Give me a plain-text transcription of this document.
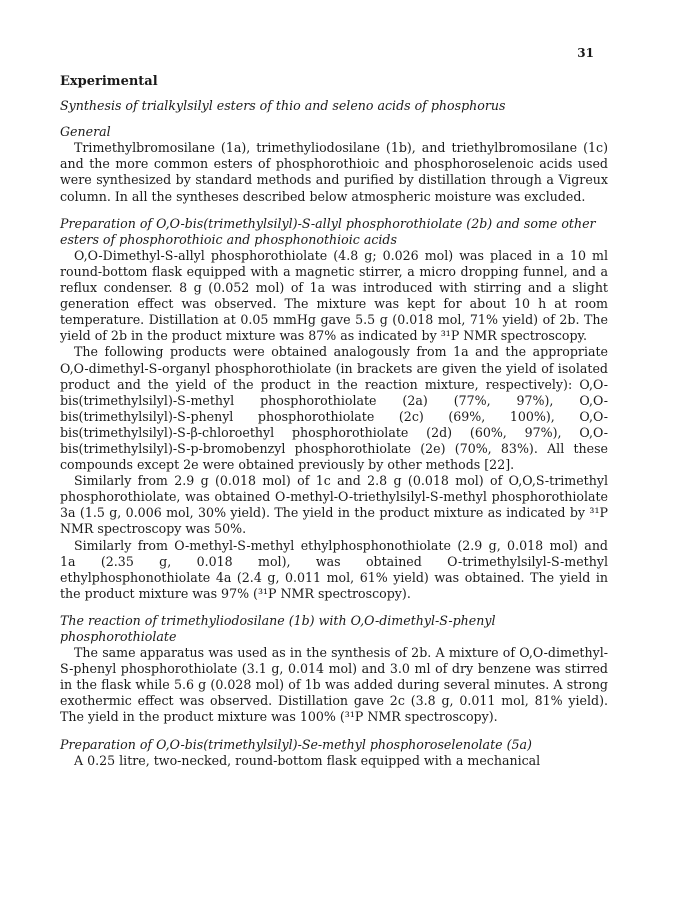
31
Experimental
Synthesis of trialkylsilyl esters of thio and seleno acids of phosphorus
General

Trimethylbromosilane (1a), trimethyliodosilane (1b), and triethylbromosilane (1c) and the more common esters of phosphorothioic and phosphoroselenoic acids used were synthesized by standard methods and purified by distillation through a Vigreux column. In all the syntheses described below atmospheric moisture was excluded.

Preparation of O,O-bis(trimethylsilyl)-S-allyl phosphorothiolate (2b) and some other esters of phosphorothioic and phosphonothioic acids

O,O-Dimethyl-S-allyl phosphorothiolate (4.8 g; 0.026 mol) was placed in a 10 ml round-bottom flask equipped with a magnetic stirrer, a micro dropping funnel, and a reflux condenser. 8 g (0.052 mol) of 1a was introduced with stirring and a slight generation effect was observed. The mixture was kept for about 10 h at room temperature. Distillation at 0.05 mmHg gave 5.5 g (0.018 mol, 71% yield) of 2b. The yield of 2b in the product mixture was 87% as indicated by ³¹P NMR spectroscopy.

The following products were obtained analogously from 1a and the appropriate O,O-dimethyl-S-organyl phosphorothiolate (in brackets are given the yield of isolated product and the yield of the product in the reaction mixture, respectively): O,O-bis(trimethylsilyl)-S-methyl phosphorothiolate (2a) (77%, 97%), O,O-bis(trimethylsilyl)-S-phenyl phosphorothiolate (2c) (69%, 100%), O,O-bis(trimethylsilyl)-S-β-chloroethyl phosphorothiolate (2d) (60%, 97%), O,O-bis(trimethylsilyl)-S-p-bromobenzyl phosphorothiolate (2e) (70%, 83%). All these compounds except 2e were obtained previously by other methods [22].

Similarly from 2.9 g (0.018 mol) of 1c and 2.8 g (0.018 mol) of O,O,S-trimethyl phosphorothiolate, was obtained O-methyl-O-triethylsilyl-S-methyl phosphorothiolate 3a (1.5 g, 0.006 mol, 30% yield). The yield in the product mixture as indicated by ³¹P NMR spectroscopy was 50%.

Similarly from O-methyl-S-methyl ethylphosphonothiolate (2.9 g, 0.018 mol) and 1a (2.35 g, 0.018 mol), was obtained O-trimethylsilyl-S-methyl ethylphosphonothiolate 4a (2.4 g, 0.011 mol, 61% yield) was obtained. The yield in the product mixture was 97% (³¹P NMR spectroscopy).

The reaction of trimethyliodosilane (1b) with O,O-dimethyl-S-phenyl phosphorothiolate

The same apparatus was used as in the synthesis of 2b. A mixture of O,O-dimethyl-S-phenyl phosphorothiolate (3.1 g, 0.014 mol) and 3.0 ml of dry benzene was stirred in the flask while 5.6 g (0.028 mol) of 1b was added during several minutes. A strong exothermic effect was observed. Distillation gave 2c (3.8 g, 0.011 mol, 81% yield). The yield in the product mixture was 100% (³¹P NMR spectroscopy).

Preparation of O,O-bis(trimethylsilyl)-Se-methyl phosphoroselenolate (5a)

A 0.25 litre, two-necked, round-bottom flask equipped with a mechanical
